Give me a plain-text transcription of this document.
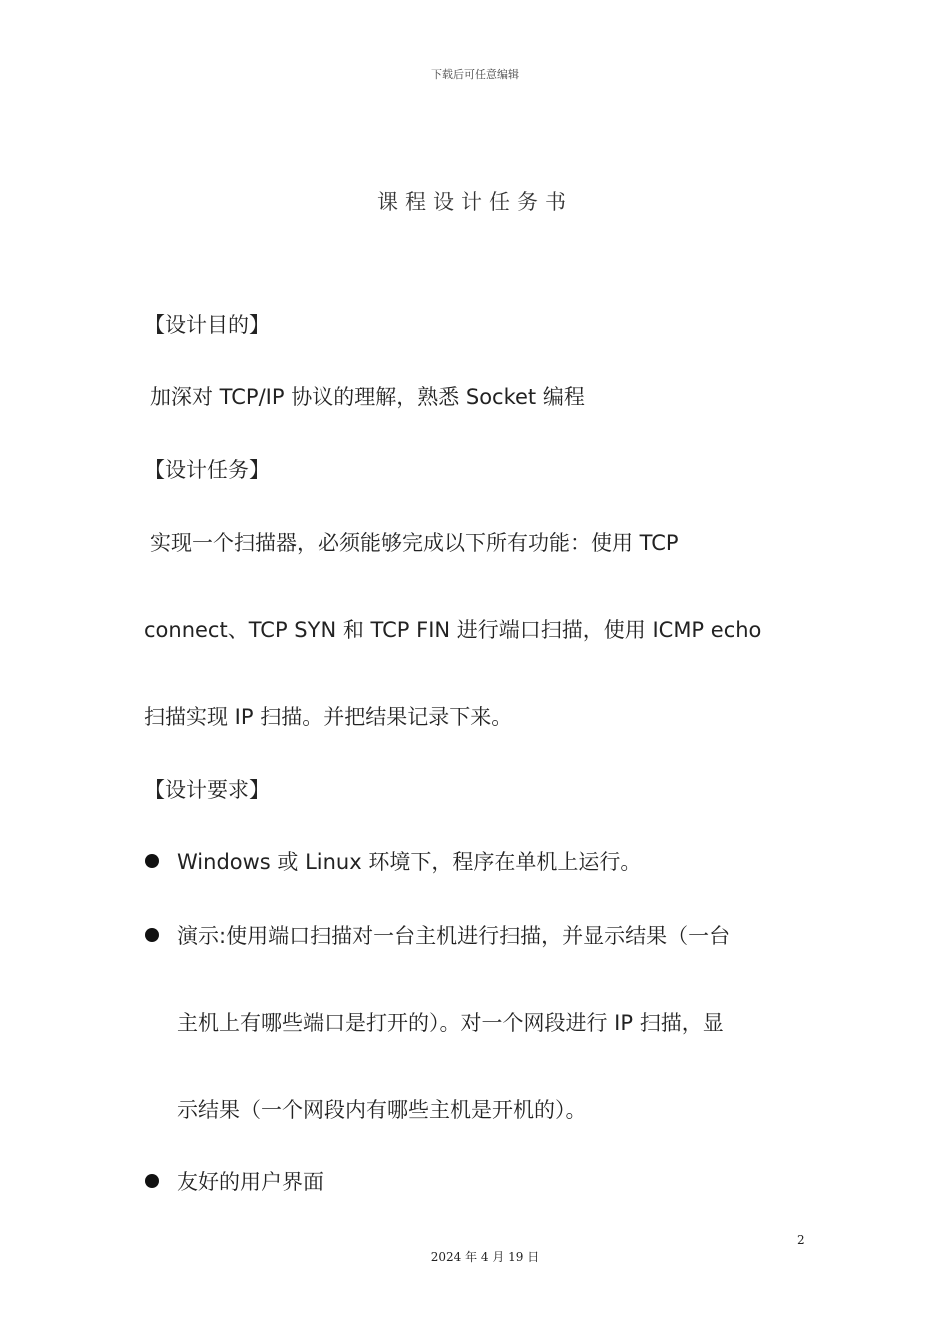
下载后可任意编辑
课程设计任务书
【设计目的】
加深对 TCP/IP 协议的理解，熟悉 Socket 编程
【设计任务】
实现一个扫描器，必须能够完成以下所有功能：使用 TCP
connect、TCP SYN 和 TCP FIN 进行端口扫描，使用 ICMP echo
扫描实现 IP 扫描。并把结果记录下来。
【设计要求】
Windows 或 Linux 环境下，程序在单机上运行。
演示:使用端口扫描对一台主机进行扫描，并显示结果（一台
主机上有哪些端口是打开的）。对一个网段进行 IP 扫描，显
示结果（一个网段内有哪些主机是开机的）。
友好的用户界面
2
2024 年 4 月 19 日
